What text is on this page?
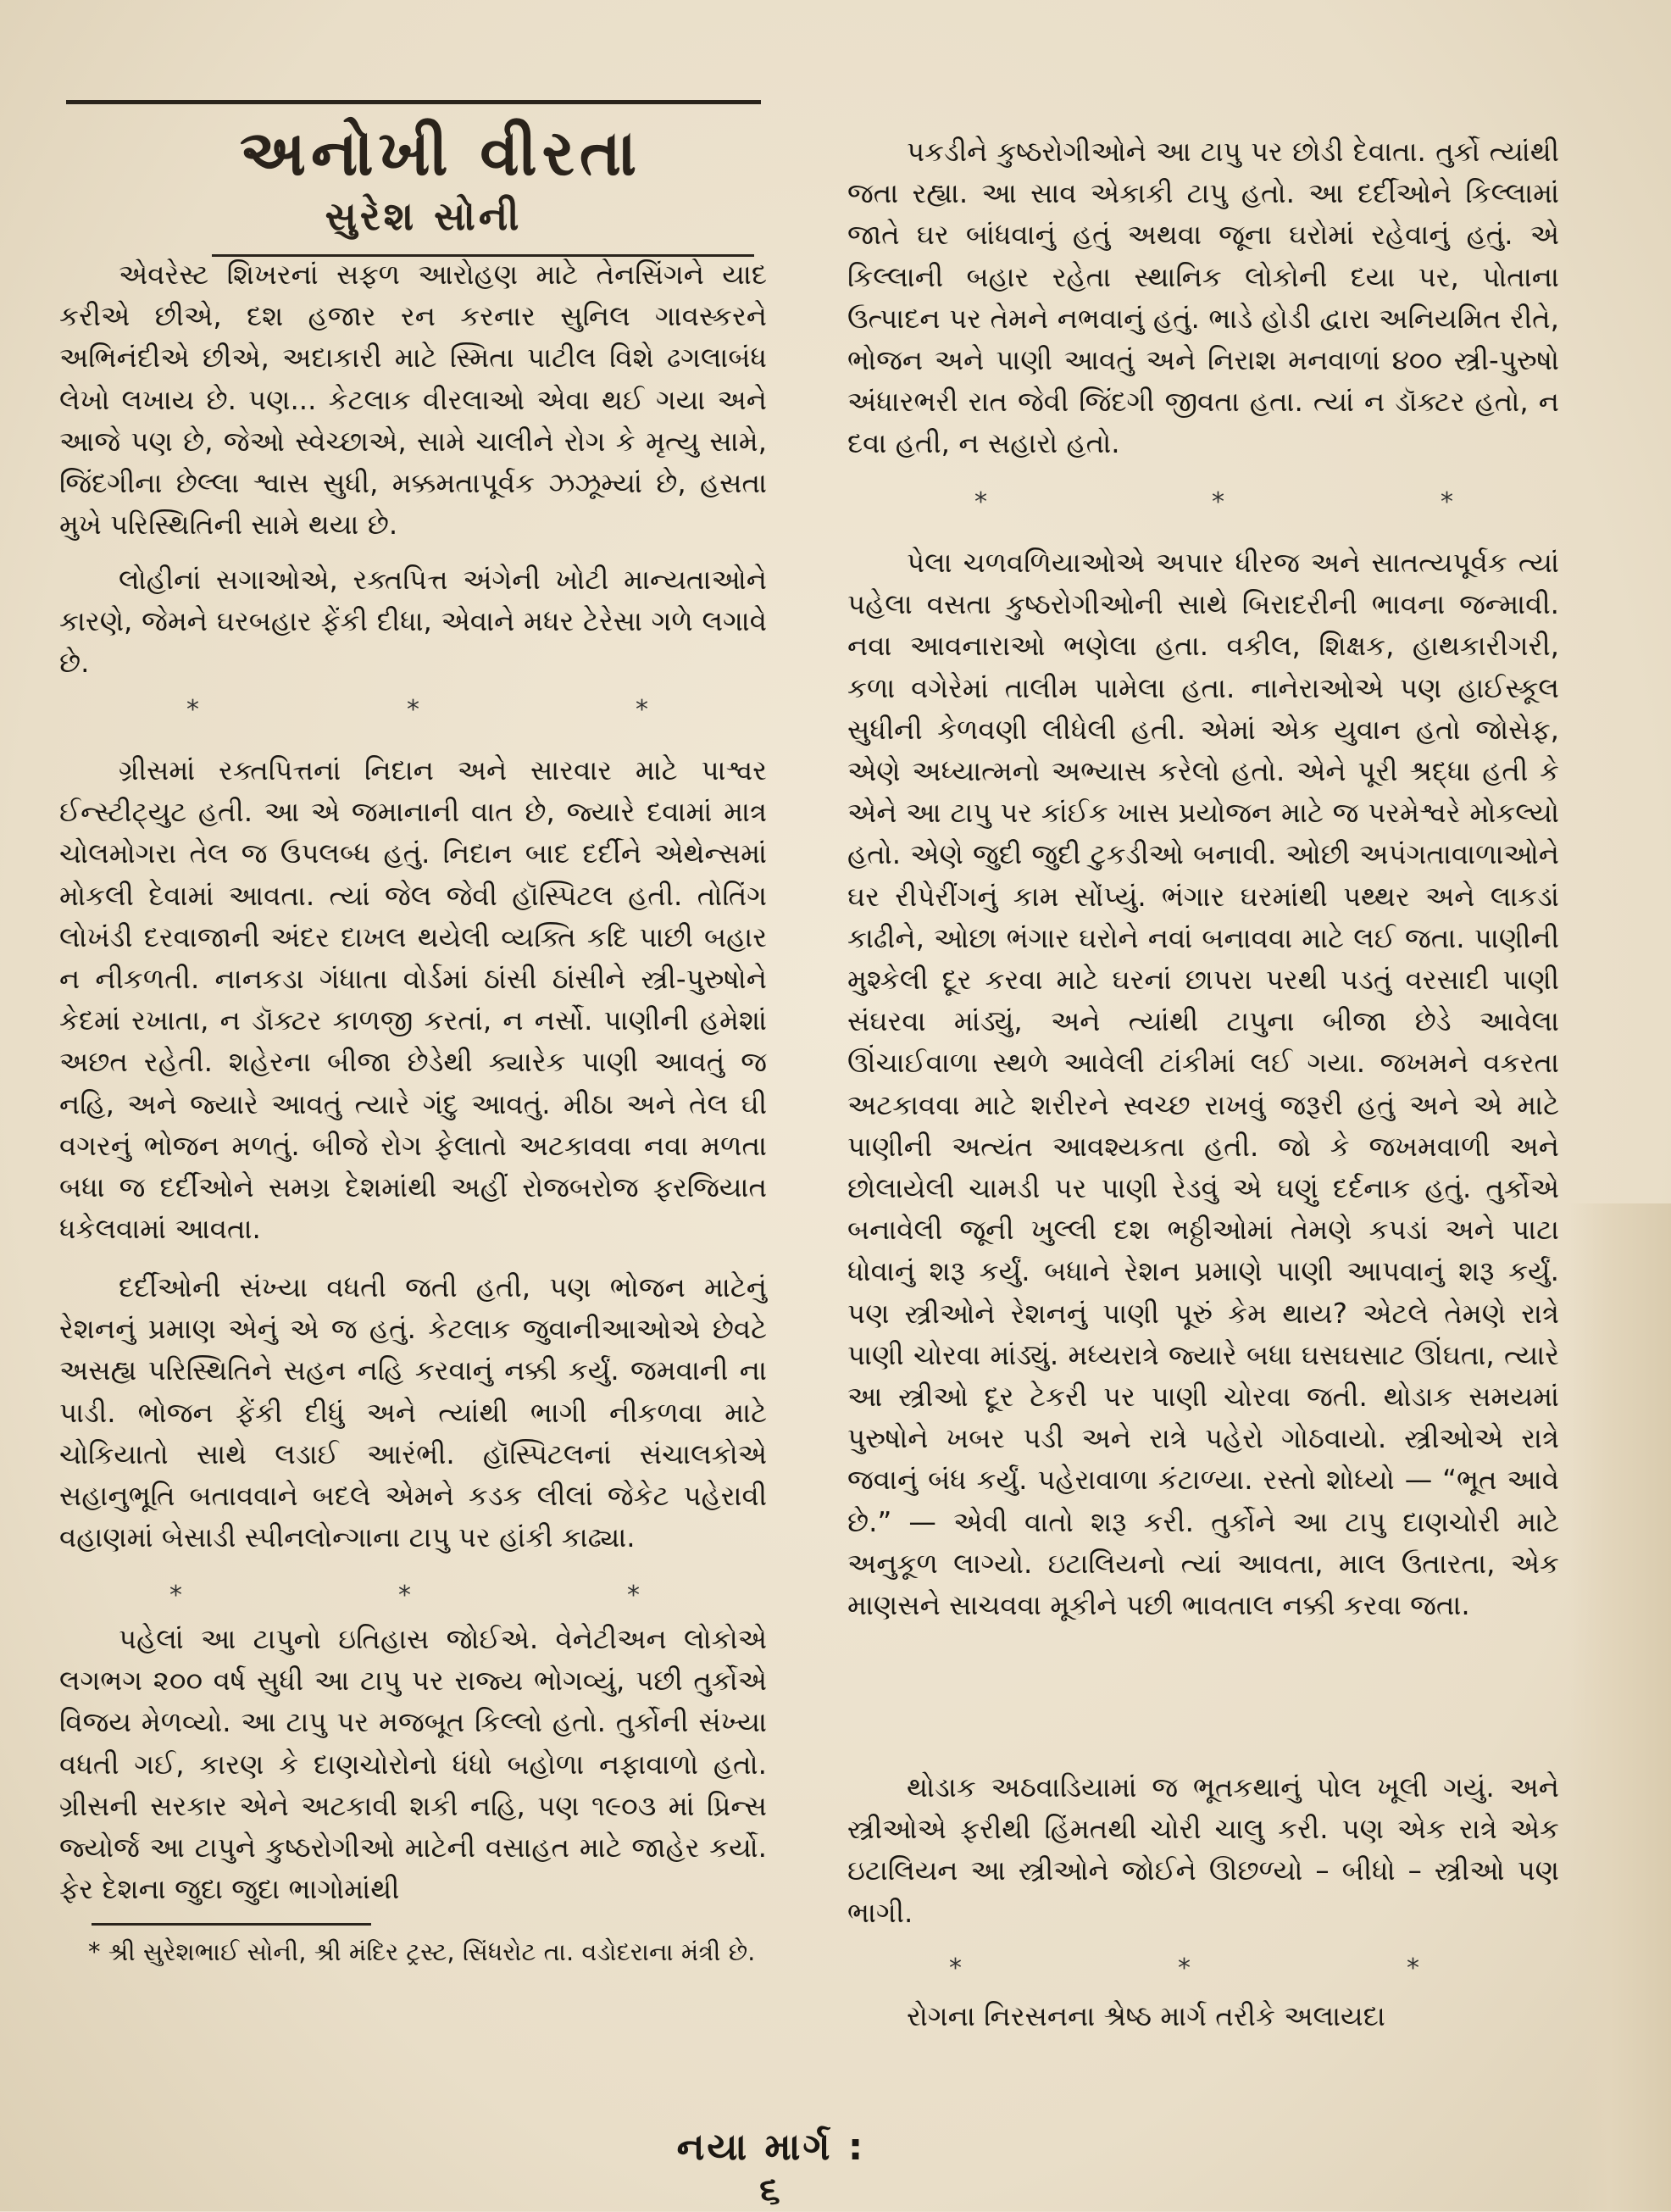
અનોખી વીરતા
સુરેશ સોની

એવરેસ્ટ શિખરનાં સફળ આરોહણ માટે તેનસિંગને યાદ કરીએ છીએ, દશ હજાર રન કરનાર સુનિલ ગાવસ્કરને અભિનંદીએ છીએ, અદાકારી માટે સ્મિતા પાટીલ વિશે ઢગલાબંધ લેખો લખાય છે. પણ... કેટલાક વીરલાઓ એવા થઈ ગયા અને આજે પણ છે, જેઓ સ્વેચ્છાએ, સામે ચાલીને રોગ કે મૃત્યુ સામે, જિંદગીના છેલ્લા શ્વાસ સુધી, મક્કમતાપૂર્વક ઝઝૂમ્યાં છે, હસતા મુખે પરિસ્થિતિની સામે થયા છે.

લોહીનાં સગાઓએ, રક્તપિત્ત અંગેની ખોટી માન્યતાઓને કારણે, જેમને ઘરબહાર ફેંકી દીધા, એવાને મધર ટેરેસા ગળે લગાવે છે.

*	*	*

ગ્રીસમાં રક્તપિત્તનાં નિદાન અને સારવાર માટે પાશ્વર ઈન્સ્ટીટ્યુટ હતી. આ એ જમાનાની વાત છે, જ્યારે દવામાં માત્ર ચોલમોગરા તેલ જ ઉપલબ્ધ હતું. નિદાન બાદ દર્દીને એથેન્સમાં મોકલી દેવામાં આવતા. ત્યાં જેલ જેવી હૉસ્પિટલ હતી. તોતિંગ લોખંડી દરવાજાની અંદર દાખલ થયેલી વ્યક્તિ કદિ પાછી બહાર ન નીકળતી. નાનકડા ગંધાતા વોર્ડમાં ઠાંસી ઠાંસીને સ્ત્રી-પુરુષોને કેદમાં રખાતા, ન ડૉક્ટર કાળજી કરતાં, ન નર્સો. પાણીની હમેશાં અછત રહેતી. શહેરના બીજા છેડેથી ક્યારેક પાણી આવતું જ નહિ, અને જ્યારે આવતું ત્યારે ગંદુ આવતું. મીઠા અને તેલ ઘી વગરનું ભોજન મળતું. બીજે રોગ ફેલાતો અટકાવવા નવા મળતા બધા જ દર્દીઓને સમગ્ર દેશમાંથી અહીં રોજબરોજ ફરજિયાત ધકેલવામાં આવતા.

દર્દીઓની સંખ્યા વધતી જતી હતી, પણ ભોજન માટેનું રેશનનું પ્રમાણ એનું એ જ હતું. કેટલાક જુવાનીઆઓએ છેવટે અસહ્ય પરિસ્થિતિને સહન નહિ કરવાનું નક્કી કર્યું. જમવાની ના પાડી. ભોજન ફેંકી દીધું અને ત્યાંથી ભાગી નીકળવા માટે ચોકિયાતો સાથે લડાઈ આરંભી. હૉસ્પિટલનાં સંચાલકોએ સહાનુભૂતિ બતાવવાને બદલે એમને કડક લીલાં જેકેટ પહેરાવી વહાણમાં બેસાડી સ્પીનલોન્ગાના ટાપુ પર હાંકી કાઢ્યા.

*	*	*

પહેલાં આ ટાપુનો ઇતિહાસ જોઈએ. વેનેટીઅન લોકોએ લગભગ ૨૦૦ વર્ષ સુધી આ ટાપુ પર રાજ્ય ભોગવ્યું, પછી તુર્કોએ વિજય મેળવ્યો. આ ટાપુ પર મજબૂત કિલ્લો હતો. તુર્કોની સંખ્યા વધતી ગઈ, કારણ કે દાણચોરોનો ધંધો બહોળા નફાવાળો હતો. ગ્રીસની સરકાર એને અટકાવી શકી નહિ, પણ ૧૯૦૩ માં પ્રિન્સ જ્યોર્જ આ ટાપુને કુષ્ઠરોગીઓ માટેની વસાહત માટે જાહેર કર્યો. ફેર દેશના જુદા જુદા ભાગોમાંથી

* શ્રી સુરેશભાઈ સોની, શ્રી મંદિર ટ્રસ્ટ, સિંધરોટ તા. વડોદરાના મંત્રી છે.

પકડીને કુષ્ઠરોગીઓને આ ટાપુ પર છોડી દેવાતા. તુર્કો ત્યાંથી જતા રહ્યા. આ સાવ એકાકી ટાપુ હતો. આ દર્દીઓને કિલ્લામાં જાતે ઘર બાંધવાનું હતું અથવા જૂના ઘરોમાં રહેવાનું હતું. એ કિલ્લાની બહાર રહેતા સ્થાનિક લોકોની દયા પર, પોતાના ઉત્પાદન પર તેમને નભવાનું હતું. ભાડે હોડી દ્વારા અનિયમિત રીતે, ભોજન અને પાણી આવતું અને નિરાશ મનવાળાં ૪૦૦ સ્ત્રી-પુરુષો અંધારભરી રાત જેવી જિંદગી જીવતા હતા. ત્યાં ન ડૉક્ટર હતો, ન દવા હતી, ન સહારો હતો.

*	*	*

પેલા ચળવળિયાઓએ અપાર ધીરજ અને સાતત્યપૂર્વક ત્યાં પહેલા વસતા કુષ્ઠરોગીઓની સાથે બિરાદરીની ભાવના જન્માવી. નવા આવનારાઓ ભણેલા હતા. વકીલ, શિક્ષક, હાથકારીગરી, કળા વગેરેમાં તાલીમ પામેલા હતા. નાનેરાઓએ પણ હાઈસ્કૂલ સુધીની કેળવણી લીધેલી હતી. એમાં એક યુવાન હતો જોસેફ, એણે અધ્યાત્મનો અભ્યાસ કરેલો હતો. એને પૂરી શ્રદ્ધા હતી કે એને આ ટાપુ પર કાંઈક ખાસ પ્રયોજન માટે જ પરમેશ્વરે મોકલ્યો હતો. એણે જુદી જુદી ટુકડીઓ બનાવી. ઓછી અપંગતાવાળાઓને ઘર રીપેરીંગનું કામ સોંપ્યું. ભંગાર ઘરમાંથી પથ્થર અને લાકડાં કાઢીને, ઓછા ભંગાર ઘરોને નવાં બનાવવા માટે લઈ જતા. પાણીની મુશ્કેલી દૂર કરવા માટે ઘરનાં છાપરા પરથી પડતું વરસાદી પાણી સંઘરવા માંડ્યું, અને ત્યાંથી ટાપુના બીજા છેડે આવેલા ઊંચાઈવાળા સ્થળે આવેલી ટાંકીમાં લઈ ગયા. જખમને વકરતા અટકાવવા માટે શરીરને સ્વચ્છ રાખવું જરૂરી હતું અને એ માટે પાણીની અત્યંત આવશ્યકતા હતી. જો કે જખમવાળી અને છોલાયેલી ચામડી પર પાણી રેડવું એ ઘણું દર્દનાક હતું. તુર્કોએ બનાવેલી જૂની ખુલ્લી દશ ભઠ્ઠીઓમાં તેમણે કપડાં અને પાટા ધોવાનું શરૂ કર્યું. બધાને રેશન પ્રમાણે પાણી આપવાનું શરૂ કર્યું. પણ સ્ત્રીઓને રેશનનું પાણી પૂરું કેમ થાય? એટલે તેમણે રાત્રે પાણી ચોરવા માંડ્યું. મધ્યરાત્રે જ્યારે બધા ઘસઘસાટ ઊંઘતા, ત્યારે આ સ્ત્રીઓ દૂર ટેકરી પર પાણી ચોરવા જતી. થોડાક સમયમાં પુરુષોને ખબર પડી અને રાત્રે પહેરો ગોઠવાયો. સ્ત્રીઓએ રાત્રે જવાનું બંધ કર્યું. પહેરાવાળા કંટાળ્યા. રસ્તો શોધ્યો — “ભૂત આવે છે.” — એવી વાતો શરૂ કરી. તુર્કોને આ ટાપુ દાણચોરી માટે અનુકૂળ લાગ્યો. ઇટાલિયનો ત્યાં આવતા, માલ ઉતારતા, એક માણસને સાચવવા મૂકીને પછી ભાવતાલ નક્કી કરવા જતા.

થોડાક અઠવાડિયામાં જ ભૂતકથાનું પોલ ખૂલી ગયું. અને સ્ત્રીઓએ ફરીથી હિંમતથી ચોરી ચાલુ કરી. પણ એક રાત્રે એક ઇટાલિયન આ સ્ત્રીઓને જોઈને ઊછળ્યો – બીધો – સ્ત્રીઓ પણ ભાગી.

*	*	*

રોગના નિરસનના શ્રેષ્ઠ માર્ગ તરીકે અલાયદા

નયા માર્ગ : ૬
